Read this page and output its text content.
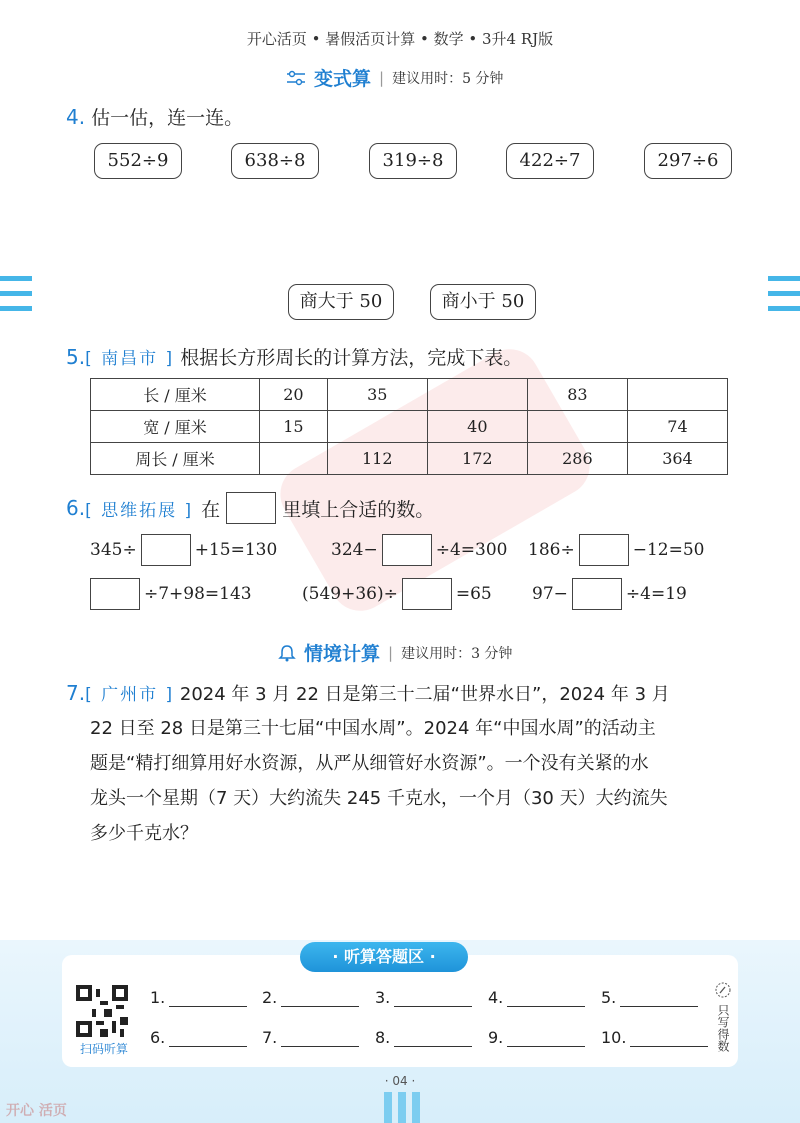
开心活页 • 暑假活页计算 • 数学 • 3升4 RJ版
变式算 | 建议用时：5 分钟
4. 估一估，连一连。
552÷9	638÷8	319÷8	422÷7	297÷6
商大于 50	商小于 50
5.[ 南昌市 ] 根据长方形周长的计算方法，完成下表。
长 / 厘米	20	35		83	
宽 / 厘米	15		40		74
周长 / 厘米		112	172	286	364
6. [ 思维拓展 ] 在	里填上合适的数。
345÷	+15=130	324−	÷4=300 186÷	−12=50
÷7+98=143	(549+36)÷	=65 97−	÷4=19
情境计算 | 建议用时：3 分钟
7.[ 广州市 ] 2024 年 3 月 22 日是第三十二届“世界水日”，2024 年 3 月
22 日至 28 日是第三十七届“中国水周”。2024 年“中国水周”的活动主
题是“精打细算用好水资源，从严从细管好水资源”。一个没有关紧的水
龙头一个星期（7 天）大约流失 245 千克水，一个月（30 天）大约流失
多少千克水？
· 听算答题区 ·
扫码听算
1.	2.	3.	4.	5.
6.	7.	8.	9.	10.	只写得数
· 04 ·
开心 活页
